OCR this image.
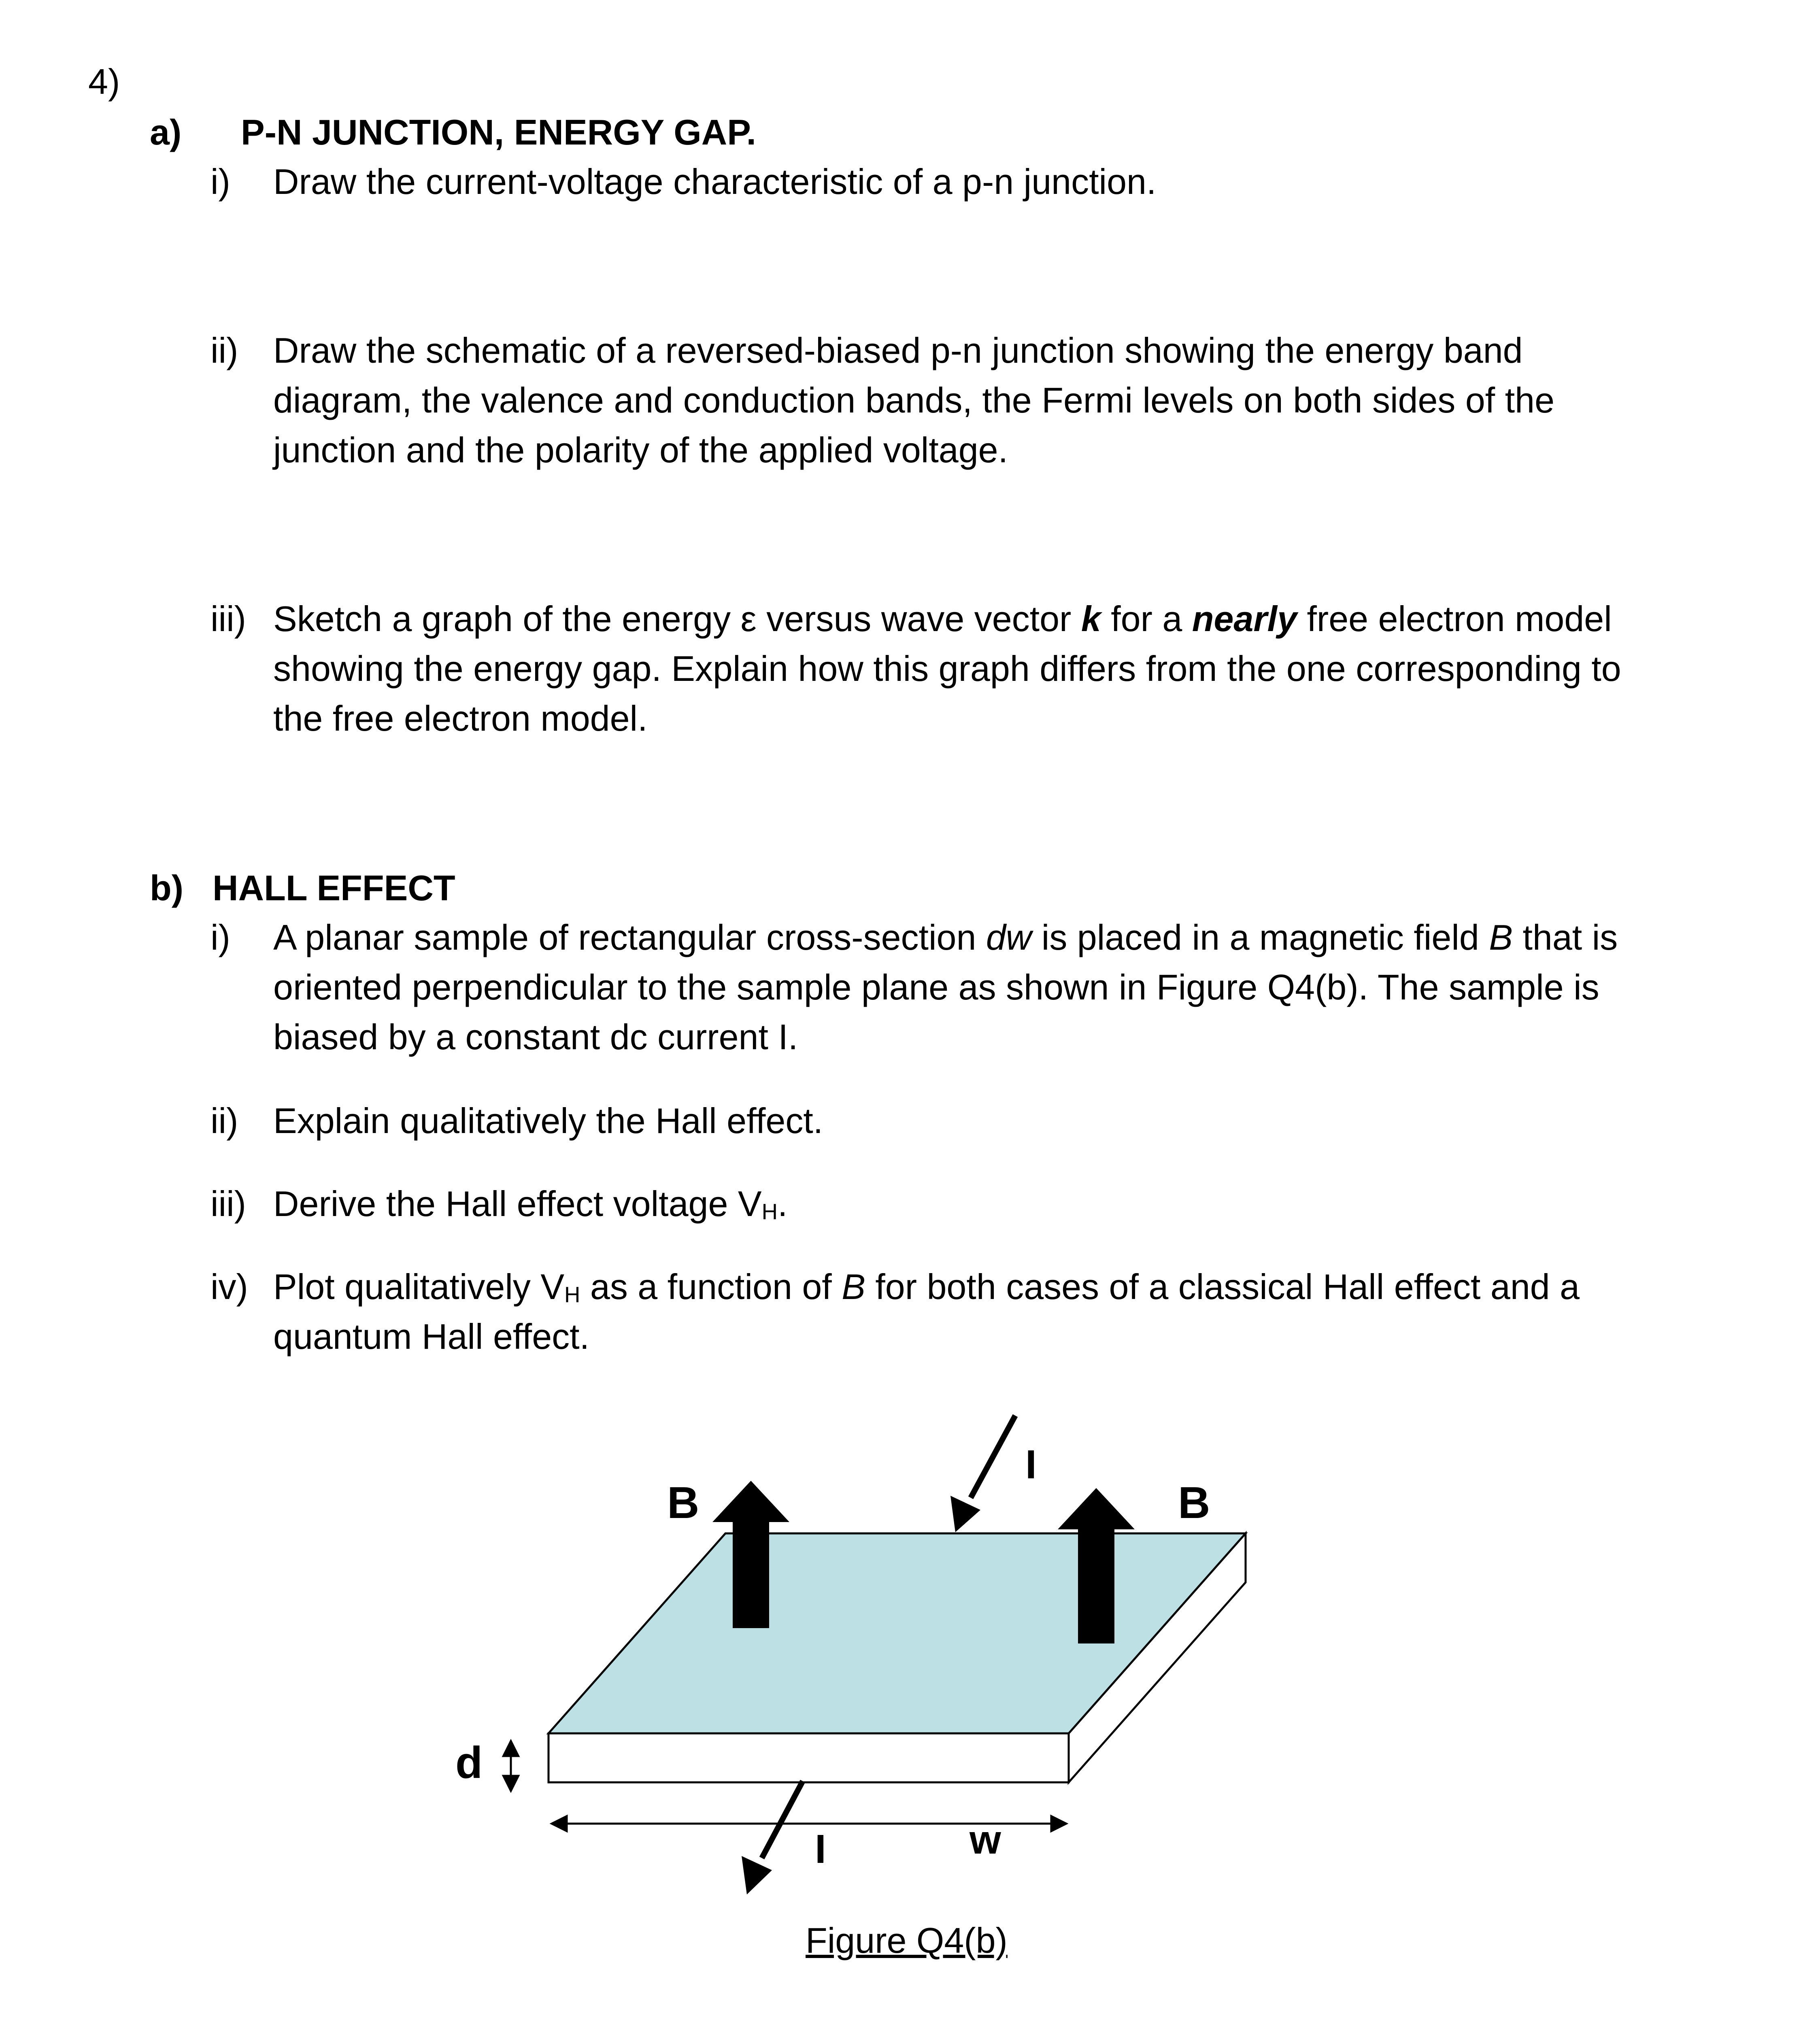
4)
a) P-N JUNCTION, ENERGY GAP.
i) Draw the current-voltage characteristic of a p-n junction.
ii) Draw the schematic of a reversed-biased p-n junction showing the energy band
diagram, the valence and conduction bands, the Fermi levels on both sides of the
junction and the polarity of the applied voltage.
iii) Sketch a graph of the energy ε versus wave vector k for a nearly free electron model
showing the energy gap. Explain how this graph differs from the one corresponding to
the free electron model.
b) HALL EFFECT
i) A planar sample of rectangular cross-section dw is placed in a magnetic field B that is
oriented perpendicular to the sample plane as shown in Figure Q4(b). The sample is
biased by a constant dc current I.
ii) Explain qualitatively the Hall effect.
iii) Derive the Hall effect voltage $V_H$.
iv) Plot qualitatively $V_H$ as a function of B for both cases of a classical Hall effect and a
quantum Hall effect.
B	B
I
I
d
w
Figure Q4(b)
